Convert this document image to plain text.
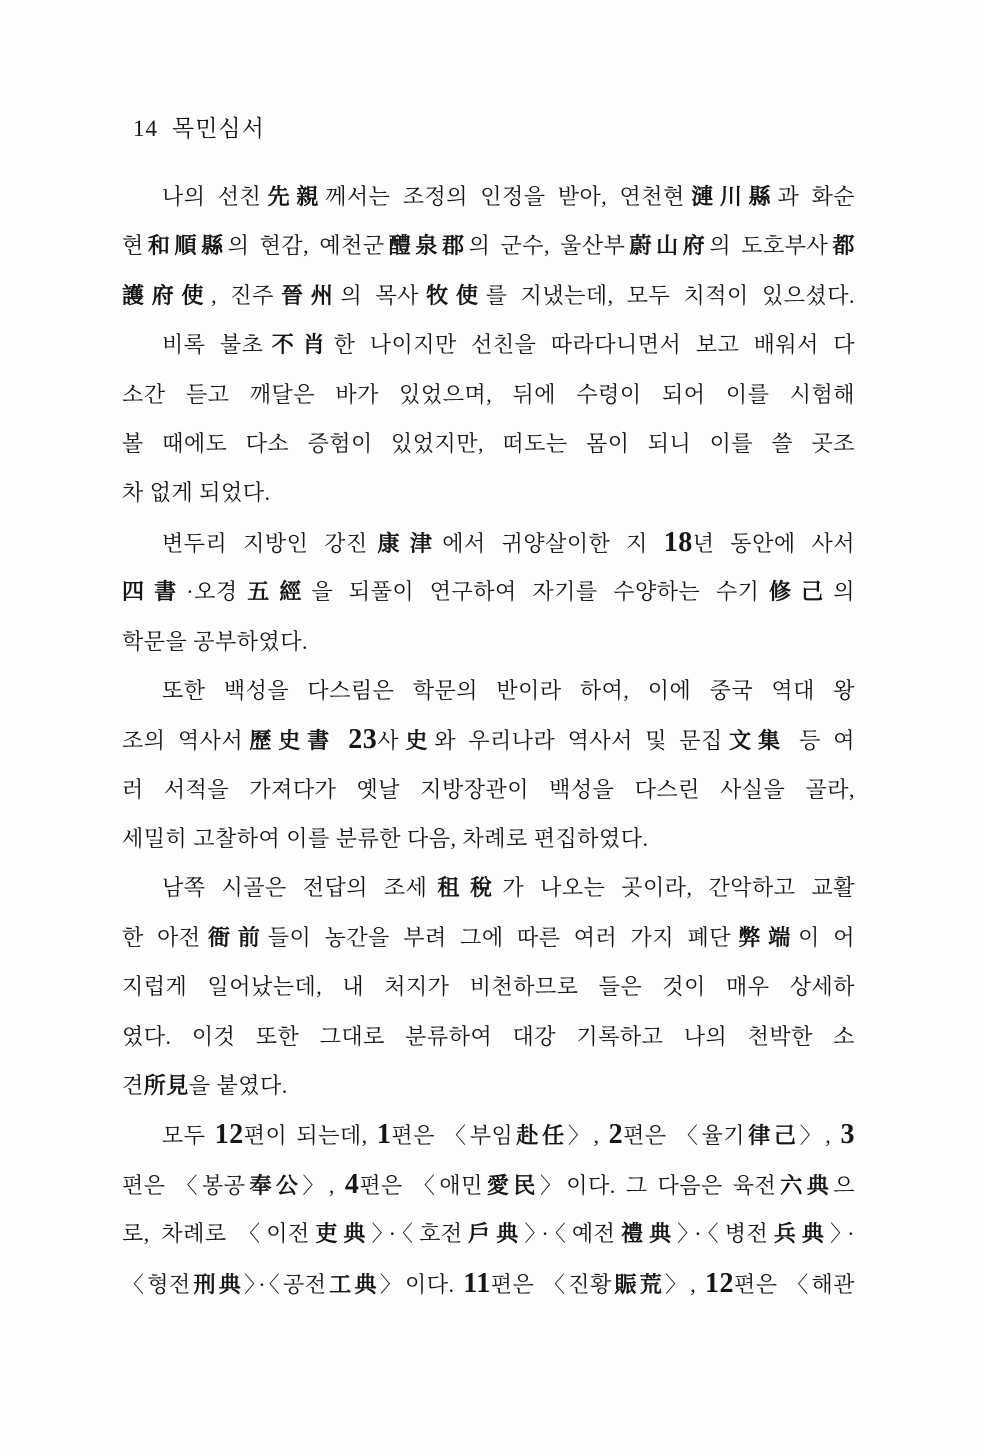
14 목민심서
나의 선친先親께서는 조정의 인정을 받아, 연천현漣川縣과 화순
현和順縣의 현감, 예천군醴泉郡의 군수, 울산부蔚山府의 도호부사都
護府使, 진주晉州의 목사牧使를 지냈는데, 모두 치적이 있으셨다.
비록 불초不肖한 나이지만 선친을 따라다니면서 보고 배워서 다
소간 듣고 깨달은 바가 있었으며, 뒤에 수령이 되어 이를 시험해
볼 때에도 다소 증험이 있었지만, 떠도는 몸이 되니 이를 쓸 곳조
차 없게 되었다.
변두리 지방인 강진康津에서 귀양살이한 지 18년 동안에 사서
四書·오경五經을 되풀이 연구하여 자기를 수양하는 수기修己의
학문을 공부하였다.
또한 백성을 다스림은 학문의 반이라 하여, 이에 중국 역대 왕
조의 역사서歷史書 23사史와 우리나라 역사서 및 문집文集 등 여
러 서적을 가져다가 옛날 지방장관이 백성을 다스린 사실을 골라,
세밀히 고찰하여 이를 분류한 다음, 차례로 편집하였다.
남쪽 시골은 전답의 조세租稅가 나오는 곳이라, 간악하고 교활
한 아전衙前들이 농간을 부려 그에 따른 여러 가지 폐단弊端이 어
지럽게 일어났는데, 내 처지가 비천하므로 들은 것이 매우 상세하
였다. 이것 또한 그대로 분류하여 대강 기록하고 나의 천박한 소
견所見을 붙였다.
모두 12편이 되는데, 1편은 〈부임赴任〉, 2편은 〈율기律己〉, 3
편은 〈봉공奉公〉, 4편은 〈애민愛民〉이다. 그 다음은 육전六典으
로, 차례로 〈이전吏典〉·〈호전戶典〉·〈예전禮典〉·〈병전兵典〉·
〈형전刑典〉·〈공전工典〉이다. 11편은 〈진황賑荒〉, 12편은 〈해관
